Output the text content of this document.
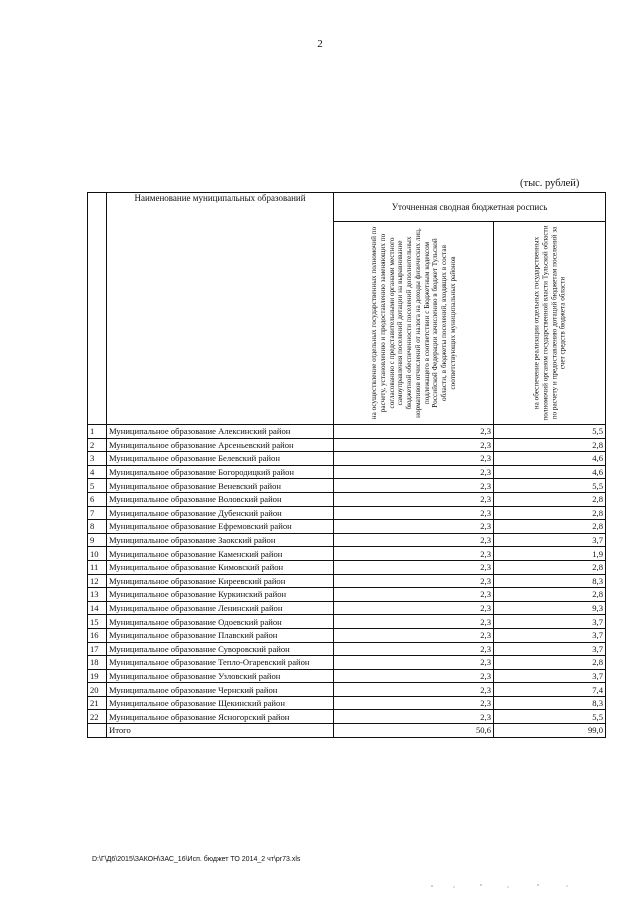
2
(тыс. рублей)
	Наименование муниципальных образований	Уточненная сводная бюджетная роспись	

		на осуществление отдельных государственных полномочий по расчету, установлению и предоставлению заменяющих по согласованию с представительными органами местного самоуправления поселений дотации на выравнивание бюджетной обеспеченности поселений дополнительных нормативов отчислений от налога на доходы физических лиц, подлежащего в соответствии с Бюджетным кодексом Российской Федерации зачислению в бюджет Тульской области, в бюджеты поселений, входящих в состав соответствующих муниципальных районов	на обеспечение реализации отдельных государственных полномочий органом государственной власти Тульской области по расчету и предоставлению дотаций бюджетам поселений за счет средств бюджета области

1	Муниципальное образование Алексинский район	2,3	5,5
2	Муниципальное образование Арсеньевский район	2,3	2,8
3	Муниципальное образование Белевский район	2,3	4,6
4	Муниципальное образование Богородицкий район	2,3	4,6
5	Муниципальное образование Веневский район	2,3	5,5
6	Муниципальное образование Воловский район	2,3	2,8
7	Муниципальное образование Дубенский район	2,3	2,8
8	Муниципальное образование Ефремовский район	2,3	2,8
9	Муниципальное образование Заокский район	2,3	3,7
10	Муниципальное образование Каменский район	2,3	1,9
11	Муниципальное образование Кимовский район	2,3	2,8
12	Муниципальное образование Киреевский район	2,3	8,3
13	Муниципальное образование Куркинский район	2,3	2,8
14	Муниципальное образование Ленинский район	2,3	9,3
15	Муниципальное образование Одоевский район	2,3	3,7
16	Муниципальное образование Плавский район	2,3	3,7
17	Муниципальное образование Суворовский район	2,3	3,7
18	Муниципальное образование Тепло-Огаревский район	2,3	2,8
19	Муниципальное образование Узловский район	2,3	3,7
20	Муниципальное образование Чернский район	2,3	7,4
21	Муниципальное образование Щекинский район	2,3	8,3
22	Муниципальное образование Ясногорский район	2,3	5,5
	Итого	50,6	99,0
D:\Г\Д6\2015\ЗАКОН\ЗАС_16\Исп. бюджет ТО 2014_2 чт\pr73.xls
